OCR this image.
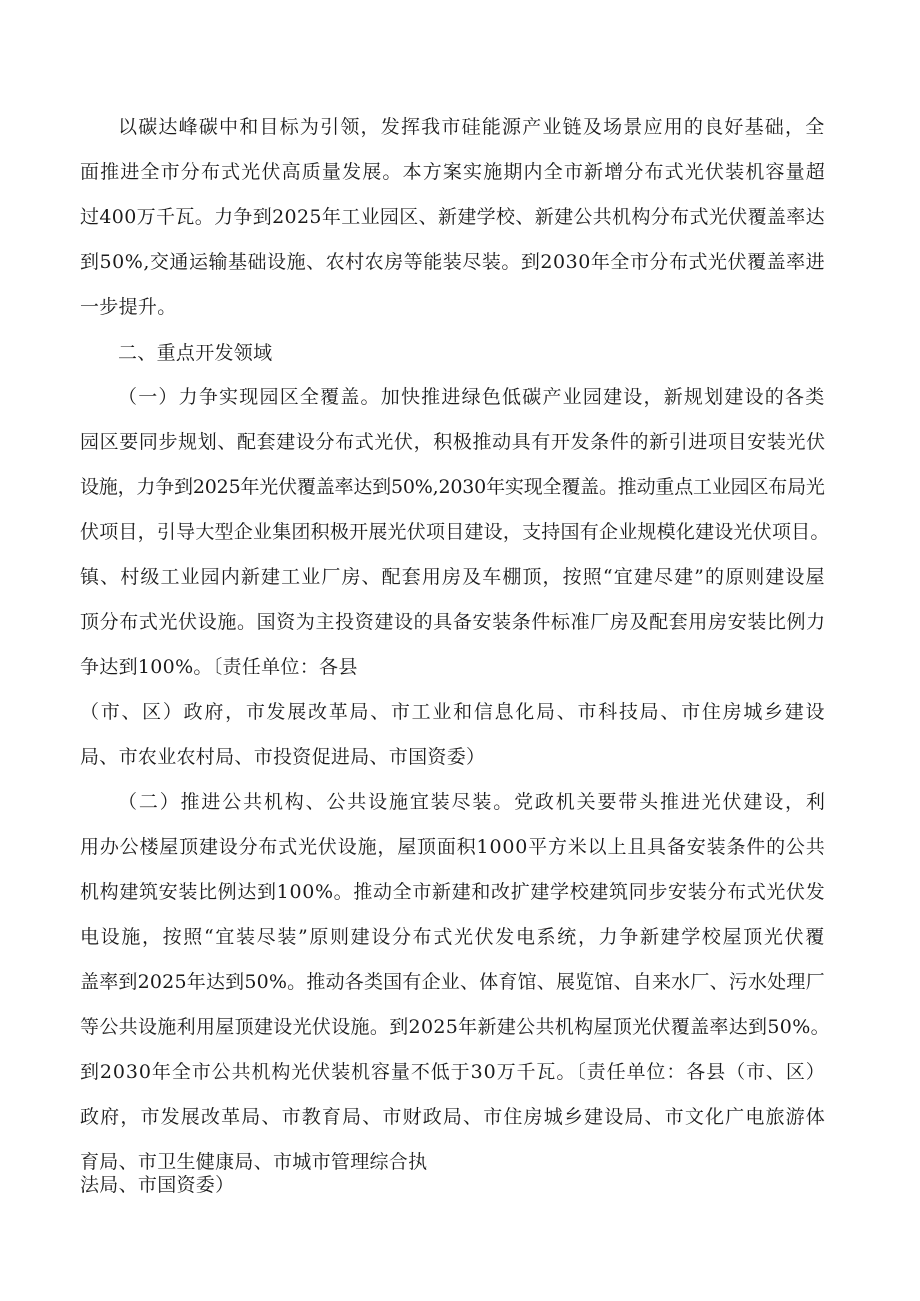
以碳达峰碳中和目标为引领，发挥我市硅能源产业链及场景应用的良好基础，全
面推进全市分布式光伏高质量发展。本方案实施期内全市新增分布式光伏装机容量超
过400万千瓦。力争到2025年工业园区、新建学校、新建公共机构分布式光伏覆盖率达
到50%,交通运输基础设施、农村农房等能装尽装。到2030年全市分布式光伏覆盖率进
一步提升。
二、重点开发领域
（一）力争实现园区全覆盖。加快推进绿色低碳产业园建设，新规划建设的各类
园区要同步规划、配套建设分布式光伏，积极推动具有开发条件的新引进项目安装光伏
设施，力争到2025年光伏覆盖率达到50%,2030年实现全覆盖。推动重点工业园区布局光
伏项目，引导大型企业集团积极开展光伏项目建设，支持国有企业规模化建设光伏项目。
镇、村级工业园内新建工业厂房、配套用房及车棚顶，按照“宜建尽建”的原则建设屋
顶分布式光伏设施。国资为主投资建设的具备安装条件标准厂房及配套用房安装比例力
争达到100%。〔责任单位：各县
（市、区）政府，市发展改革局、市工业和信息化局、市科技局、市住房城乡建设
局、市农业农村局、市投资促进局、市国资委）
（二）推进公共机构、公共设施宜装尽装。党政机关要带头推进光伏建设，利
用办公楼屋顶建设分布式光伏设施，屋顶面积1000平方米以上且具备安装条件的公共
机构建筑安装比例达到100%。推动全市新建和改扩建学校建筑同步安装分布式光伏发
电设施，按照“宜装尽装”原则建设分布式光伏发电系统，力争新建学校屋顶光伏覆
盖率到2025年达到50%。推动各类国有企业、体育馆、展览馆、自来水厂、污水处理厂
等公共设施利用屋顶建设光伏设施。到2025年新建公共机构屋顶光伏覆盖率达到50%。
到2030年全市公共机构光伏装机容量不低于30万千瓦。〔责任单位：各县（市、区）
政府，市发展改革局、市教育局、市财政局、市住房城乡建设局、市文化广电旅游体
育局、市卫生健康局、市城市管理综合执
法局、市国资委）
